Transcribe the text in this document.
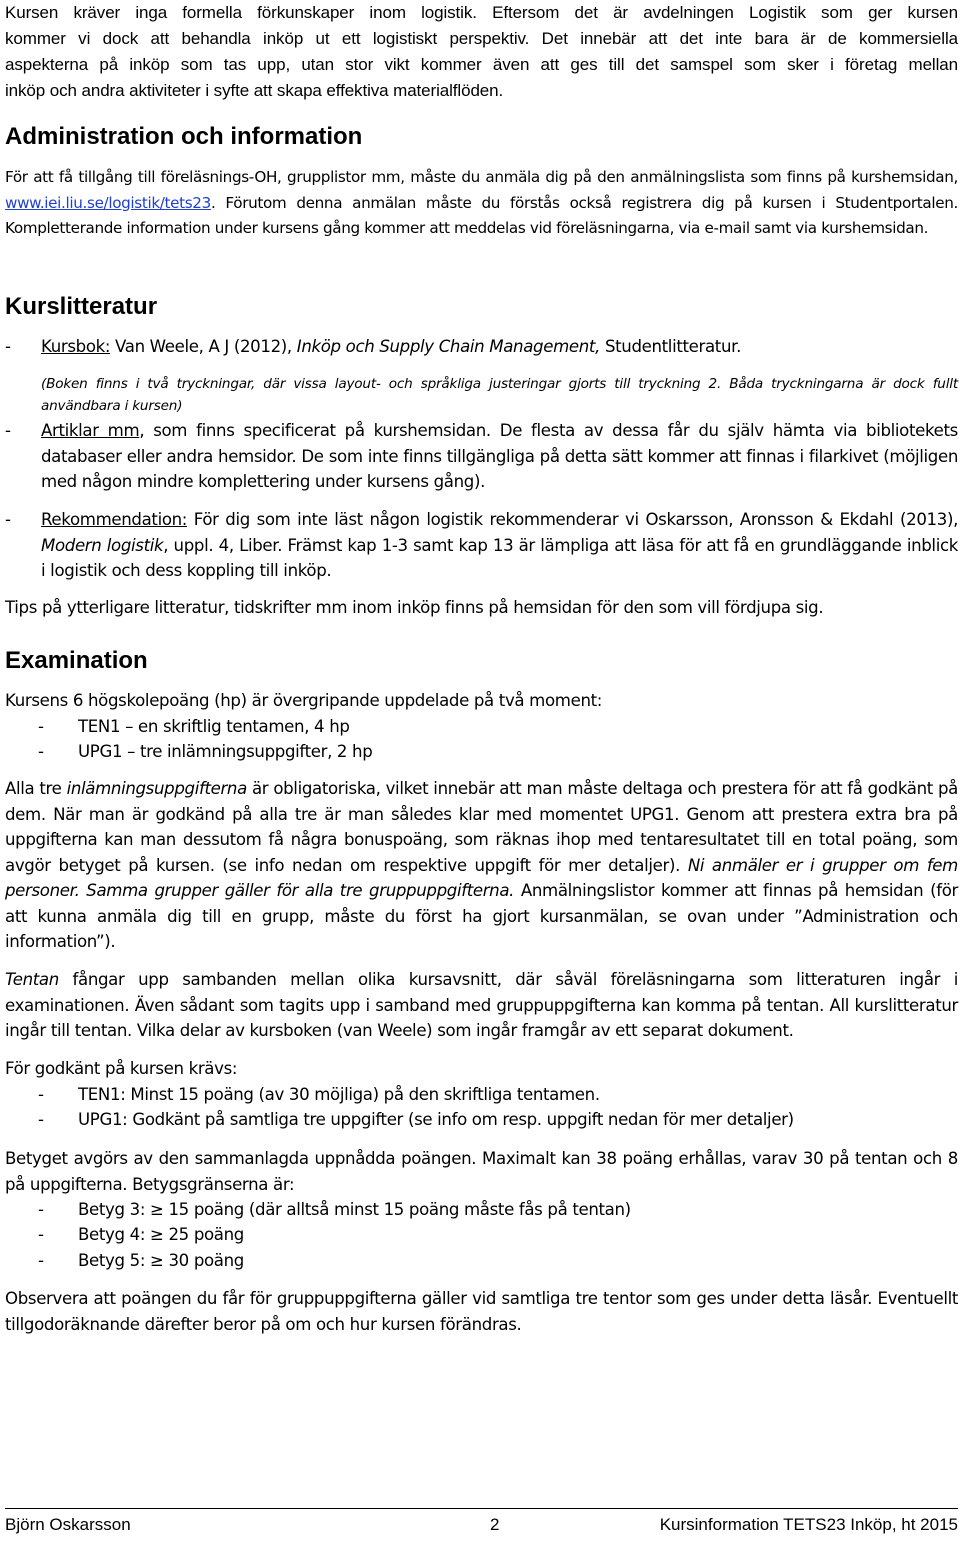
Kursen kräver inga formella förkunskaper inom logistik. Eftersom det är avdelningen Logistik som ger kursen

kommer vi dock att behandla inköp ut ett logistiskt perspektiv. Det innebär att det inte bara är de kommersiella

aspekterna på inköp som tas upp, utan stor vikt kommer även att ges till det samspel som sker i företag mellan

inköp och andra aktiviteter i syfte att skapa effektiva materialflöden.

Administration och information

För att få tillgång till föreläsnings-OH, grupplistor mm, måste du anmäla dig på den anmälningslista som finns på kurshemsidan, www.iei.liu.se/logistik/tets23. Förutom denna anmälan måste du förstås också registrera dig på kursen i Studentportalen. Kompletterande information under kursens gång kommer att meddelas vid föreläsningarna, via e-mail samt via kurshemsidan.

Kurslitteratur
- Kursbok: Van Weele, A J (2012), Inköp och Supply Chain Management, Studentlitteratur.

(Boken finns i två tryckningar, där vissa layout- och språkliga justeringar gjorts till tryckning 2. Båda tryckningarna är dock fullt användbara i kursen)

- Artiklar mm, som finns specificerat på kurshemsidan. De flesta av dessa får du själv hämta via bibliotekets databaser eller andra hemsidor. De som inte finns tillgängliga på detta sätt kommer att finnas i filarkivet (möjligen med någon mindre komplettering under kursens gång).

- Rekommendation: För dig som inte läst någon logistik rekommenderar vi Oskarsson, Aronsson & Ekdahl (2013), Modern logistik, uppl. 4, Liber. Främst kap 1-3 samt kap 13 är lämpliga att läsa för att få en grundläggande inblick i logistik och dess koppling till inköp.

Tips på ytterligare litteratur, tidskrifter mm inom inköp finns på hemsidan för den som vill fördjupa sig.

Examination

Kursens 6 högskolepoäng (hp) är övergripande uppdelade på två moment:

‑ TEN1 – en skriftlig tentamen, 4 hp

‑ UPG1 – tre inlämningsuppgifter, 2 hp

Alla tre inlämningsuppgifterna är obligatoriska, vilket innebär att man måste deltaga och prestera för att få godkänt på dem. När man är godkänd på alla tre är man således klar med momentet UPG1. Genom att prestera extra bra på uppgifterna kan man dessutom få några bonuspoäng, som räknas ihop med tentaresultatet till en total poäng, som avgör betyget på kursen. (se info nedan om respektive uppgift för mer detaljer). Ni anmäler er i grupper om fem personer. Samma grupper gäller för alla tre gruppuppgifterna. Anmälningslistor kommer att finnas på hemsidan (för att kunna anmäla dig till en grupp, måste du först ha gjort kursanmälan, se ovan under ”Administration och information”).

Tentan fångar upp sambanden mellan olika kursavsnitt, där såväl föreläsningarna som litteraturen ingår i examinationen. Även sådant som tagits upp i samband med gruppuppgifterna kan komma på tentan. All kurslitteratur ingår till tentan. Vilka delar av kursboken (van Weele) som ingår framgår av ett separat dokument.

För godkänt på kursen krävs:

‑ TEN1: Minst 15 poäng (av 30 möjliga) på den skriftliga tentamen.

‑ UPG1: Godkänt på samtliga tre uppgifter (se info om resp. uppgift nedan för mer detaljer)

Betyget avgörs av den sammanlagda uppnådda poängen. Maximalt kan 38 poäng erhållas, varav 30 på tentan och 8 på uppgifterna. Betygsgränserna är:

‑ Betyg 3: ≥ 15 poäng (där alltså minst 15 poäng måste fås på tentan)

‑ Betyg 4: ≥ 25 poäng

‑ Betyg 5: ≥ 30 poäng

Observera att poängen du får för gruppuppgifterna gäller vid samtliga tre tentor som ges under detta läsår. Eventuellt tillgodoräknande därefter beror på om och hur kursen förändras.

Björn Oskarsson	2	Kursinformation TETS23 Inköp, ht 2015
